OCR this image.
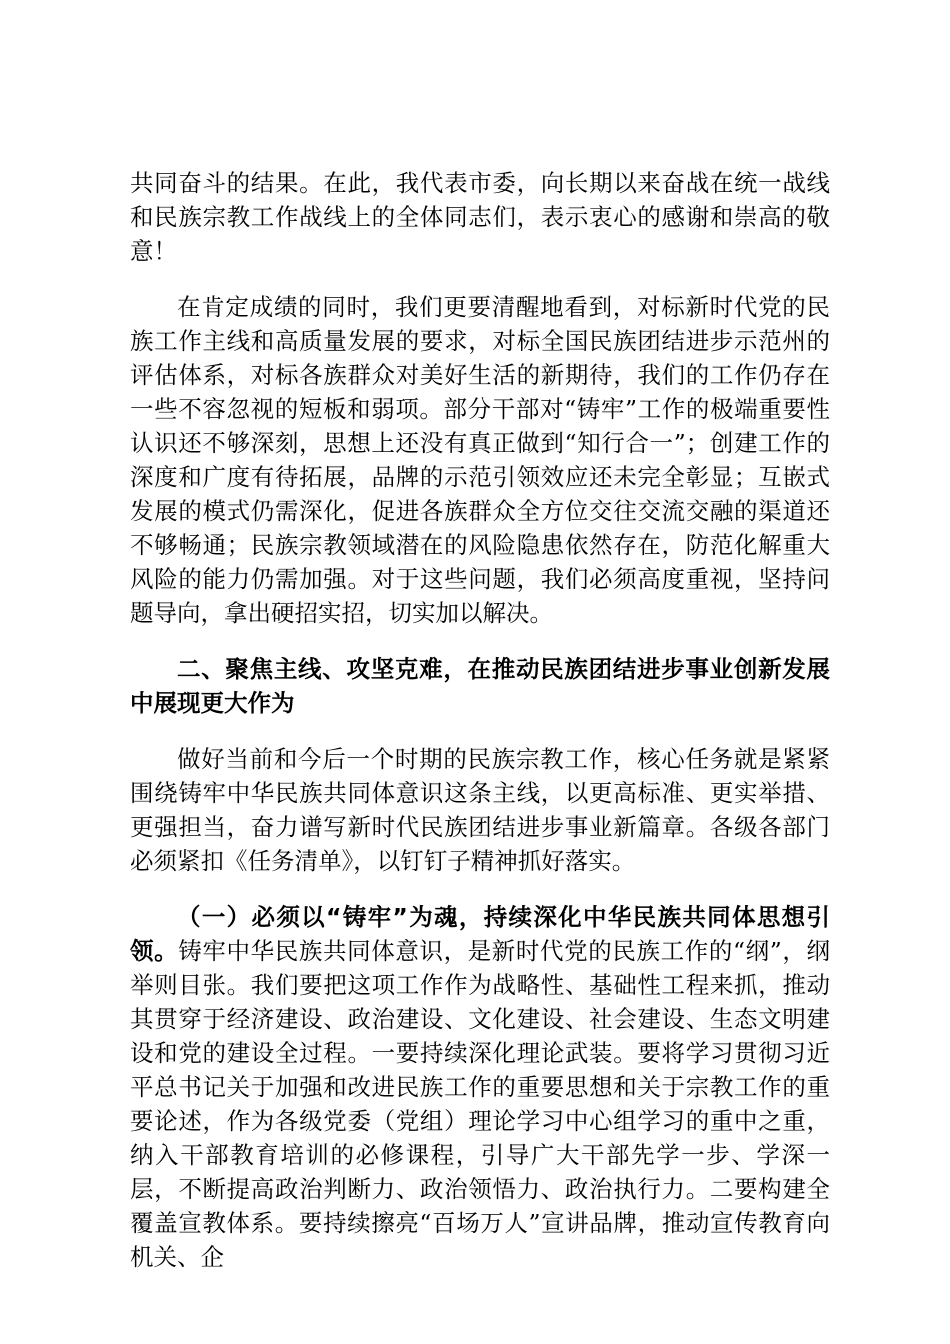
共同奋斗的结果。在此，我代表市委，向长期以来奋战在统一战线和民族宗教工作战线上的全体同志们，表示衷心的感谢和崇高的敬意！

在肯定成绩的同时，我们更要清醒地看到，对标新时代党的民族工作主线和高质量发展的要求，对标全国民族团结进步示范州的评估体系，对标各族群众对美好生活的新期待，我们的工作仍存在一些不容忽视的短板和弱项。部分干部对“铸牢”工作的极端重要性认识还不够深刻，思想上还没有真正做到“知行合一”；创建工作的深度和广度有待拓展，品牌的示范引领效应还未完全彰显；互嵌式发展的模式仍需深化，促进各族群众全方位交往交流交融的渠道还不够畅通；民族宗教领域潜在的风险隐患依然存在，防范化解重大风险的能力仍需加强。对于这些问题，我们必须高度重视，坚持问题导向，拿出硬招实招，切实加以解决。

二、聚焦主线、攻坚克难，在推动民族团结进步事业创新发展中展现更大作为

做好当前和今后一个时期的民族宗教工作，核心任务就是紧紧围绕铸牢中华民族共同体意识这条主线，以更高标准、更实举措、更强担当，奋力谱写新时代民族团结进步事业新篇章。各级各部门必须紧扣《任务清单》，以钉钉子精神抓好落实。

（一）必须以“铸牢”为魂，持续深化中华民族共同体思想引领。铸牢中华民族共同体意识，是新时代党的民族工作的“纲”，纲举则目张。我们要把这项工作作为战略性、基础性工程来抓，推动其贯穿于经济建设、政治建设、文化建设、社会建设、生态文明建设和党的建设全过程。一要持续深化理论武装。要将学习贯彻习近平总书记关于加强和改进民族工作的重要思想和关于宗教工作的重要论述，作为各级党委（党组）理论学习中心组学习的重中之重，纳入干部教育培训的必修课程，引导广大干部先学一步、学深一层，不断提高政治判断力、政治领悟力、政治执行力。二要构建全覆盖宣教体系。要持续擦亮“百场万人”宣讲品牌，推动宣传教育向机关、企
